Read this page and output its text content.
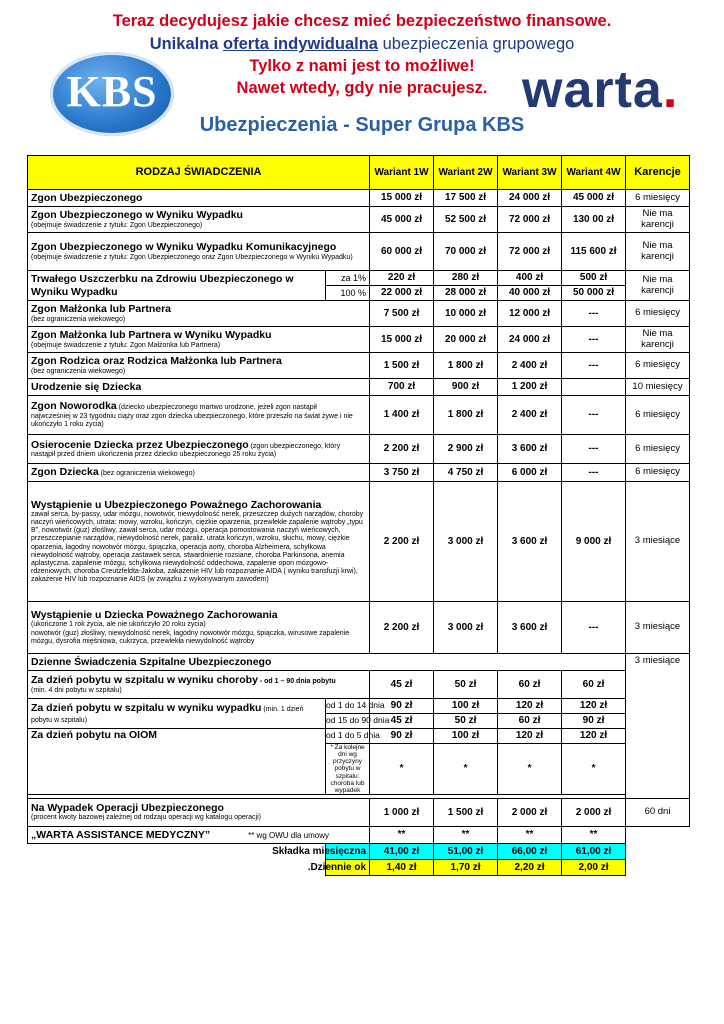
Teraz decydujesz jakie chcesz mieć bezpieczeństwo finansowe.
Unikalna oferta indywidualna ubezpieczenia grupowego
Tylko z nami jest to możliwe!
Nawet wtedy, gdy nie pracujesz.
KBS	warta.
Ubezpieczenia - Super Grupa KBS
RODZAJ ŚWIADCZENIA		Wariant 1W	Wariant 2W	Wariant 3W	Wariant 4W	Karencje
Zgon Ubezpieczonego		15 000 zł	17 500 zł	24 000 zł	45 000 zł	6 miesięcy

Zgon Ubezpieczonego w Wyniku Wypadku
(obejmuje świadczenie z tytułu: Zgon Ubezpieczonego)		45 000 zł	52 500 zł	72 000 zł	130 00 zł	Nie ma karencji

Zgon Ubezpieczonego w Wyniku Wypadku Komunikacyjnego
(obejmuje świadczenie z tytułu: Zgon Ubezpieczonego oraz Zgon Ubezpieczonego w Wyniku Wypadku)		60 000 zł	70 000 zł	72 000 zł	115 600 zł	Nie ma karencji
Trwałego Uszczerbku na Zdrowiu Ubezpieczonego w Wyniku Wypadku	za 1%	220 zł	280 zł	400 zł	500 zł	Nie ma karencji
	100 %	22 000 zł	28 000 zł	40 000 zł	50 000 zł	

Zgon Małżonka lub Partnera
(bez ograniczenia wiekowego)		7 500 zł	10 000 zł	12 000 zł	---	6 miesięcy

Zgon Małżonka lub Partnera w Wyniku Wypadku
(obejmuje świadczenie z tytułu: Zgon Małżonka lub Partnera)		15 000 zł	20 000 zł	24 000 zł	---	Nie ma karencji

Zgon Rodzica oraz Rodzica Małżonka lub Partnera
(bez ograniczenia wiekowego)		1 500 zł	1 800 zł	2 400 zł	---	6 miesięcy
Urodzenie się Dziecka		700 zł	900 zł	1 200 zł		10 miesięcy
Zgon Noworodka (dziecko ubezpieczonego martwo urodzone, jeżeli zgon nastąpił
najwcześniej w 23 tygodniu ciąży oraz zgon dziecka ubezpieczonego, które przeszło na świat żywe i nie ukończyło 1 roku życia)		1 400 zł	1 800 zł	2 400 zł	---	6 miesięcy
Osierocenie Dziecka przez Ubezpieczonego (zgon ubezpieczonego, który
nastąpił przed dniem ukończenia przez dziecko ubezpieczonego 25 roku życia)		2 200 zł	2 900 zł	3 600 zł	---	6 miesięcy
Zgon Dziecka (bez ograniczenia wiekowego)		3 750 zł	4 750 zł	6 000 zł	---	6 miesięcy

Wystąpienie u Ubezpieczonego Poważnego Zachorowania
zawał serca, by-passy, udar mózgu, nowotwór, niewydolność nerek, przeszczep dużych narządów, choroby naczyń wieńcowych, utrata: mowy, wzroku, kończyn, ciężkie oparzenia, przewlekłe zapalenie wątroby „typu B”, nowotwór (guz) złośliwy, zawał serca, udar mózgu, operacja pomostowania naczyń wieńcowych, przeszczepianie narządów, niewydolność nerek, paraliż, utrata kończyn, wzroku, słuchu, mowy, ciężkie oparzenia, łagodny nowotwór mózgu, śpiączka, operacja aorty, choroba Alzheimera, schyłkowa niewydolność wątroby, operacja zastawek serca, stwardnienie rozsiane, choroba Parkinsona, anemia aplastyczna, zapalenie mózgu, schyłkowa niewydolność oddechowa, zapalenie opon mózgowo-rdzeniowych, choroba Creutzfeldta-Jakoba, zakażenie HIV lub rozpoznanie AIDA ( wyniku transfuzji krwi), zakażenie HIV lub rozpoznanie AIDS (w związku z wykonywanym zawodem)		2 200 zł	3 000 zł	3 600 zł	9 000 zł	3 miesiące

Wystąpienie u Dziecka Poważnego Zachorowania
(ukończone 1 rok życia, ale nie ukończyło 20 roku życia)
nowotwór (guz) złośliwy, niewydolność nerek, łagodny nowotwór mózgu, śpiączka, wirusowe zapalenie mózgu, dysrofia mięśniowa, cukrzyca, przewlekła niewydolność wątroby		2 200 zł	3 000 zł	3 600 zł	---	3 miesiące
Dzienne Świadczenia Szpitalne Ubezpieczonego						3 miesiące
Za dzień pobytu w szpitalu w wyniku choroby - od 1 – 90 dnia pobytu
(min. 4 dni pobytu w szpitalu)		45 zł	50 zł	60 zł	60 zł	
Za dzień pobytu w szpitalu w wyniku wypadku (min. 1 dzień pobytu w szpitalu)	od 1 do 14 dnia	90 zł	100 zł	120 zł	120 zł	
	od 15 do 90 dnia	45 zł	50 zł	60 zł	90 zł	
Za dzień pobytu na OIOM	od 1 do 5 dnia	90 zł	100 zł	120 zł	120 zł	
	* Za kolejne dni wg przyczyny pobytu w szpitalu: choroba lub wypadek	*	*	*	*	

Na Wypadek Operacji Ubezpieczonego
(procent kwoty bazowej zależnej od rodzaju operacji wg katalogu operacji)		1 000 zł	1 500 zł	2 000 zł	2 000 zł	60 dni
„WARTA ASSISTANCE MEDYCZNY” ** wg OWU dla umowy		**	**	**	**	
	Składka miesięczna	41,00 zł	51,00 zł	66,00 zł	61,00 zł	
	Dziennie ok.	1,40 zł	1,70 zł	2,20 zł	2,00 zł	
